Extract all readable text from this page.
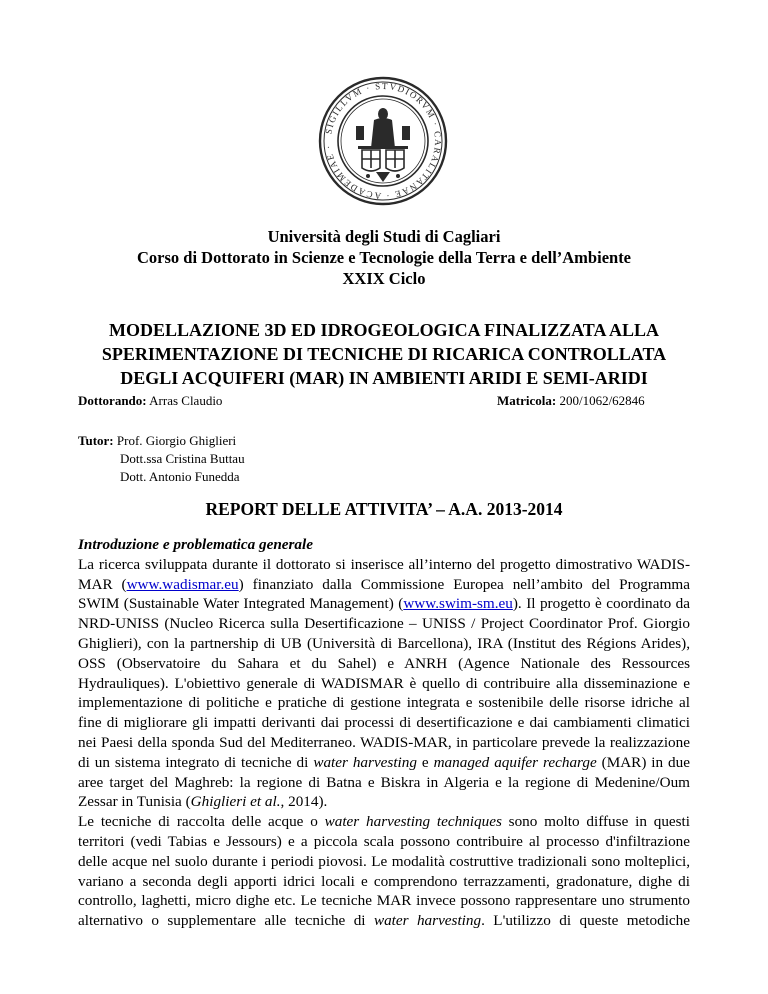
SIGILLVM · STVDIORVM · CARALITANAE · ACADEMIAE ·
Università degli Studi di Cagliari
Corso di Dottorato in Scienze e Tecnologie della Terra e dell’Ambiente
XXIX Ciclo
MODELLAZIONE 3D ED IDROGEOLOGICA FINALIZZATA ALLA
SPERIMENTAZIONE DI TECNICHE DI RICARICA CONTROLLATA
DEGLI ACQUIFERI (MAR) IN AMBIENTI ARIDI E SEMI-ARIDI
Dottorando: Arras Claudio	Matricola: 200/1062/62846
Tutor: Prof. Giorgio Ghiglieri
Dott.ssa Cristina Buttau
Dott. Antonio Funedda
REPORT DELLE ATTIVITA’ – A.A. 2013-2014
Introduzione e problematica generale

La ricerca sviluppata durante il dottorato si inserisce all’interno del progetto dimostrativo WADIS-
MAR (www.wadismar.eu) finanziato dalla Commissione Europea nell’ambito del Programma
SWIM (Sustainable Water Integrated Management) (www.swim-sm.eu). Il progetto è coordinato da
NRD-UNISS (Nucleo Ricerca sulla Desertificazione – UNISS / Project Coordinator Prof. Giorgio
Ghiglieri), con la partnership di UB (Università di Barcellona), IRA (Institut des Régions Arides),
OSS (Observatoire du Sahara et du Sahel) e ANRH (Agence Nationale des Ressources
Hydrauliques). L'obiettivo generale di WADISMAR è quello di contribuire alla disseminazione e
implementazione di politiche e pratiche di gestione integrata e sostenibile delle risorse idriche al
fine di migliorare gli impatti derivanti dai processi di desertificazione e dai cambiamenti climatici
nei Paesi della sponda Sud del Mediterraneo. WADIS-MAR, in particolare prevede la realizzazione
di un sistema integrato di tecniche di water harvesting e managed aquifer recharge (MAR) in due
aree target del Maghreb: la regione di Batna e Biskra in Algeria e la regione di Medenine/Oum
Zessar in Tunisia (Ghiglieri et al., 2014).

Le tecniche di raccolta delle acque o water harvesting techniques sono molto diffuse in questi
territori (vedi Tabias e Jessours) e a piccola scala possono contribuire al processo d'infiltrazione
delle acque nel suolo durante i periodi piovosi. Le modalità costruttive tradizionali sono molteplici,
variano a seconda degli apporti idrici locali e comprendono terrazzamenti, gradonature, dighe di
controllo, laghetti, micro dighe etc. Le tecniche MAR invece possono rappresentare uno strumento
alternativo o supplementare alle tecniche di water harvesting. L'utilizzo di queste metodiche
